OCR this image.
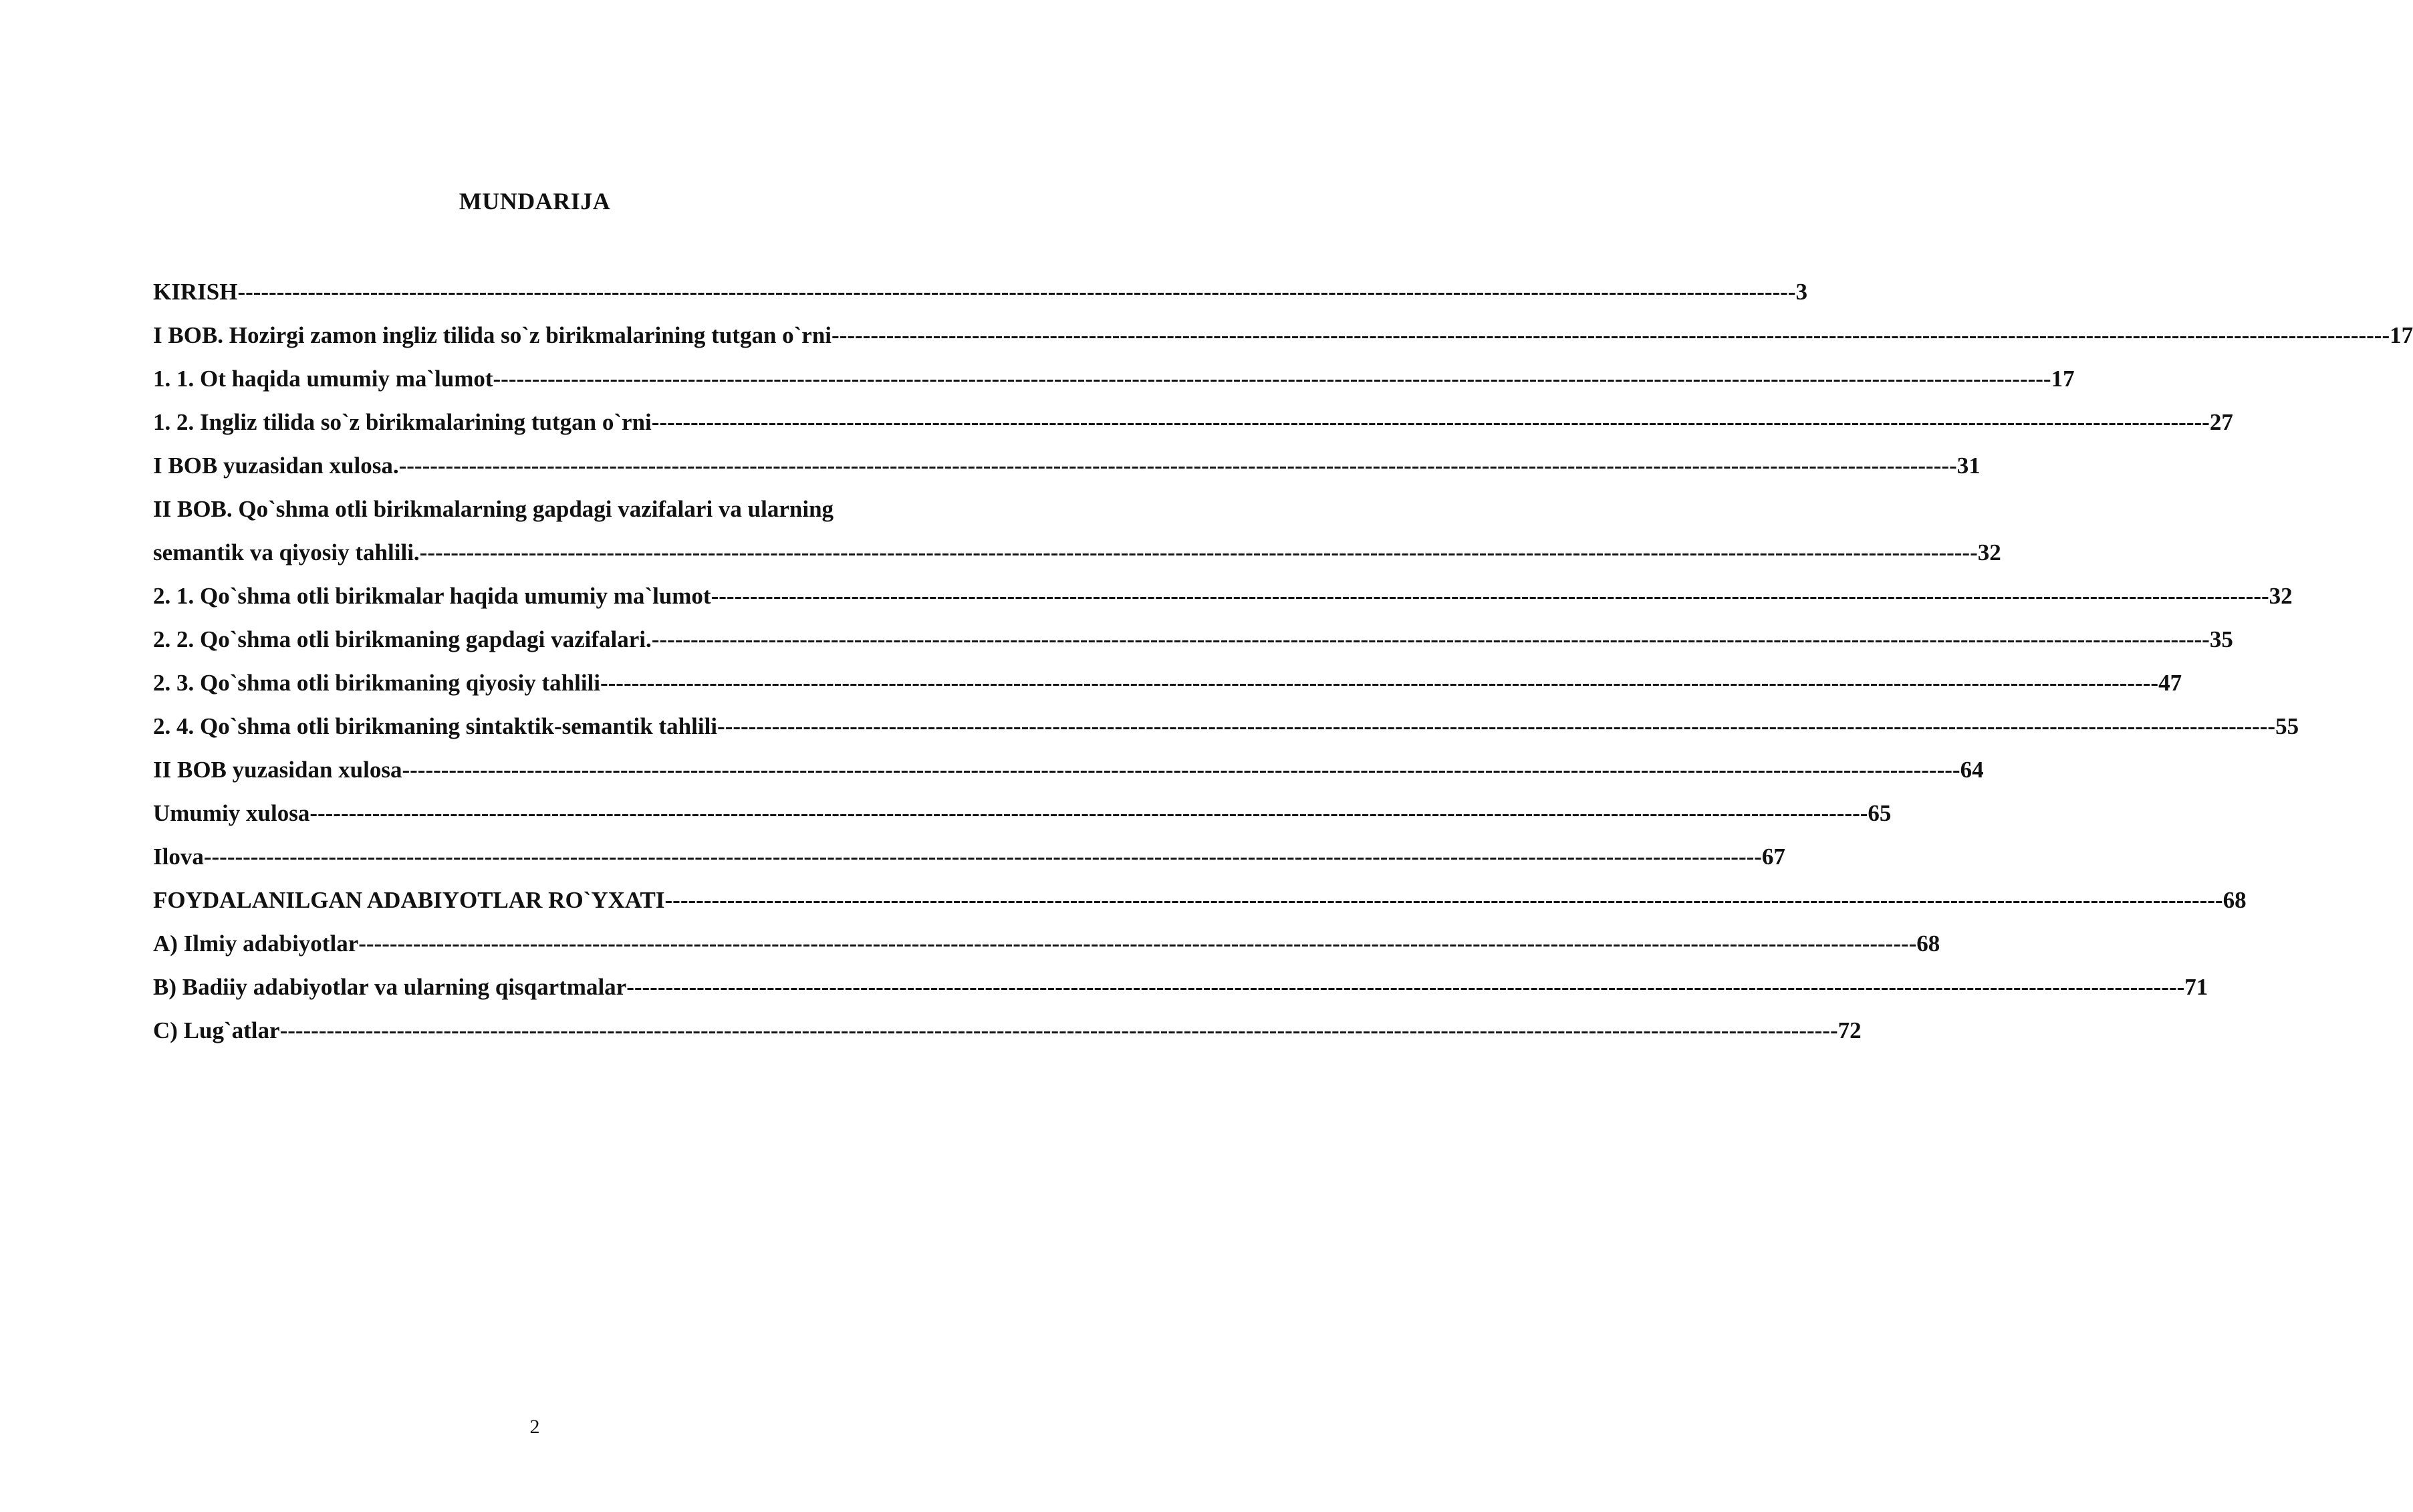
MUNDARIJA
KIRISH -------------------------------------------------------------------------------------------------------------------------------------------------------------------------------------------------------- 3
I BOB. Hozirgi zamon ingliz tilida so`z birikmalarining tutgan o`rni -------------------------------------------------------------------------------------------------------------------------------------------------------------------------------------------------------- 17
1. 1. Ot haqida umumiy ma`lumot -------------------------------------------------------------------------------------------------------------------------------------------------------------------------------------------------------- 17
1. 2. Ingliz tilida so`z birikmalarining tutgan o`rni -------------------------------------------------------------------------------------------------------------------------------------------------------------------------------------------------------- 27
I BOB yuzasidan xulosa. -------------------------------------------------------------------------------------------------------------------------------------------------------------------------------------------------------- 31
II BOB. Qo`shma otli birikmalarning gapdagi vazifalari va ularning
semantik va qiyosiy tahlili. -------------------------------------------------------------------------------------------------------------------------------------------------------------------------------------------------------- 32
2. 1. Qo`shma otli birikmalar haqida umumiy ma`lumot -------------------------------------------------------------------------------------------------------------------------------------------------------------------------------------------------------- 32
2. 2. Qo`shma otli birikmaning gapdagi vazifalari. -------------------------------------------------------------------------------------------------------------------------------------------------------------------------------------------------------- 35
2. 3. Qo`shma otli birikmaning qiyosiy tahlili -------------------------------------------------------------------------------------------------------------------------------------------------------------------------------------------------------- 47
2. 4. Qo`shma otli birikmaning sintaktik-semantik tahlili -------------------------------------------------------------------------------------------------------------------------------------------------------------------------------------------------------- 55
II BOB yuzasidan xulosa -------------------------------------------------------------------------------------------------------------------------------------------------------------------------------------------------------- 64
Umumiy xulosa -------------------------------------------------------------------------------------------------------------------------------------------------------------------------------------------------------- 65
Ilova -------------------------------------------------------------------------------------------------------------------------------------------------------------------------------------------------------- 67
FOYDALANILGAN ADABIYOTLAR RO`YXATI -------------------------------------------------------------------------------------------------------------------------------------------------------------------------------------------------------- 68
A) Ilmiy adabiyotlar -------------------------------------------------------------------------------------------------------------------------------------------------------------------------------------------------------- 68
B) Badiiy adabiyotlar va ularning qisqartmalar -------------------------------------------------------------------------------------------------------------------------------------------------------------------------------------------------------- 71
C) Lug`atlar -------------------------------------------------------------------------------------------------------------------------------------------------------------------------------------------------------- 72
2
